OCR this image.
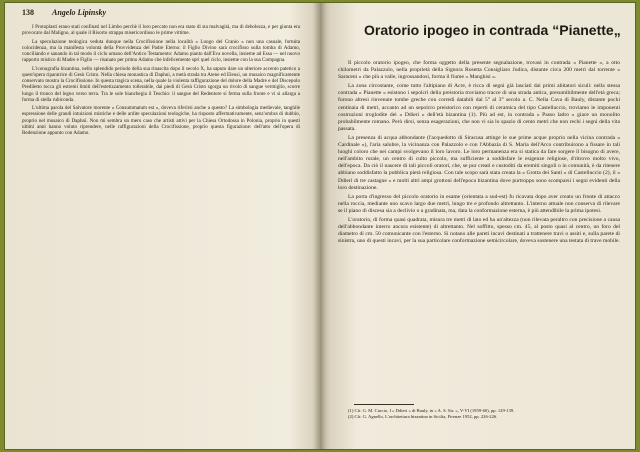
138 Angelo Lipinsky

I Protoplasti erano stati confinati nel Limbo perchè il loro peccato non era stato di sta malvagità, ma di debolezza, e per giunta era provocato dal Maligno, al quale il Risorto strappa misericordioso le prime vittime.

La speculazione teologica veduta dunque nella Crocifissione nella località « Luogo del Cranio » non una casuale, fortuita coincidenza, ma la manifesta volontà della Provvidenza del Padre Eterno: il Figlio Divino sarà crocifisso sulla tomba di Adamo, conciliando e sanando in tal modo il ciclo umano dell'Antico Testamento: Adamo pianto dall'Eva novella, insieme ad Essa — nel nuovo rapporto mistico di Madre e Figlio — risanato per primo Adamo che infelicemente sprì quel ciclo, insieme con la sua Compagna.

L'iconografia bizantina, nello splendido periodo della sua rinascita dopo il secolo X, ha saputo dare un ulteriore accento patetico a quest'opera riparatrice di Gesù Cristo. Nella chiesa monastica di Daphni, a metà strada tra Atene ed Eleusi, un musaico magnificamente conservato mostra la Crocifissione. In questa tragica scena, nella quale la violenta raffigurazione del dolore della Madre e del Discepolo Prediletto tocca gli estremi limiti dell'estetizzamento tollerabile, dai piedi di Gesù Cristo sgorga un rivolo di sangue vermiglio, scorre lungo il tronco del legno verso terra. Tra le sole bianchegia il Teschio: il sangue del Redentore si ferma sulla fronte e vi si allarga a forma di stella rubiconda.

L'ultima parola del Salvatore morente « Consummatum est », doveva riferirsi anche a questo? La simbologia medievale, tanghile espressione delle grandi intuizioni mistiche e delle ardite speculazioni teologiche, ha risposto affermativamente, senz'ombra di dubbio, proprio nel musaico di Daphni. Non mi sembra un mero caso che artisti attivi per la Chiesa Ortodossa in Polonia, proprio in questi ultimi anni hanno voluto riprendere, nelle raffigurazioni della Crocifissione, proprio questa figurazione: dell'atto dell'opera di Redenzione appunto con Adamo.

Oratorio ipogeo in contrada “Pianette„

Il piccolo oratorio ipogeo, che forma oggetto della presente segnalazione, trovasi in contrada « Pianette », a otto chilometri da Palazzolo, nella proprietà della Signora Rosetta Consigliaro Judica, distante circa 200 metri dal torrente « Saraceni » che più a valle, ingrossandosi, forma il fiume « Manghisi ».

La zona circostante, come tutto l'altipiano di Acre, è ricca di segni già lasciati dai primi abitatori siculi: nella stessa contrada « Pianette » esistono i sepolcri della preistoria troviamo tracce di una strada antica, presumibilmente dell'età greca; furono altresì rinvenute tombe greche con corredi databili dal 5° al 3° secolo a. C. Nella Cava di Bauly, distante pochi centinaia di metri, accanto ad un sepolcro preistorico con reperti di ceramica del tipo Castelluccio, troviamo le imponenti costruzioni troglodite dei « Ddieri » dell'età bizantina (1). Più ad est, in contrada « Passo ladro » giace un monolito probabilmente romano. Però dirsi, senza esagerazioni, che non vi sia lo spazio di cento metri che non rechi i segni della vita passata.

La presenza di acqua abbondante (l'acquedotto di Siracusa attinge le sue prime acque proprio nella vicina contrada « Cardinale »), l'aria salubre, la vicinanza con Palazzolo e con l'Abbazia di S. Maria dell'Arco contribuirono a fissare in tali luoghi coloro che nei campi svolgevano il loro lavoro. Le loro permanenza era si statica da fare sorgere il bisogno di avere, nell'ambito rurale, un centro di culto piccolo, ma sufficiente a soddisfare le esigenze religiose, d'ritrovo molto vivo, dell'epoca. Da ciò il nascere di tali piccoli oratori, che, se pur creati e custoditi da eremiti singoli o in comunità, è da ritenere abbiano soddisfatto la pubblica pietà religiosa. Con tale scopo sarà stata creata la « Grotta dei Santi » di Castelluccio (2), il « Ddieri di tre castagne » e molti altri ampi grottoni dell'epoca bizantina dove purtroppo sono scomparsi i segni evidenti della loro destinazione.

La porta d'ingresso del piccolo oratorio in esame (orientata a sud-est) fu ricavata dopo aver creato un fronte di attacco nella roccia, mediante uno scavo largo due metri, lungo tre e profondo altrettanto. L'interno attuale non conserva di rilevare se il piano di discesa sia a declivio o a gradinata, ma, data la conformazione esterna, è più attendibile la prima ipotesi.

L'oratorio, di forma quasi quadrata, misura tre metri di lato ed ha un'altezza (non rilevata peraltro con precisione a causa dell'abbondante interro ancora esistente) di altrettanto. Nel soffitto, spesso cm. 45, al posto quasi al centro, un foro del diametro di cm. 50 comunicante con l'esterno. Si notano alle pareti incavi destinati a trattenere travi o assiti e, sulla parete di sinistra, uno di questi incavi, per la sua particolare conformazione semicircolare, doveva sostenere una testata di trave mobile.

(1) Cfr. G. M. Curcio, I « Ddieri » di Bauly, in « A. S. Sir. », V-VI (1959-60), pp. 129-139.

(2) Cfr. G. Agnello, L'architettura bizantina in Sicilia, Firenze 1952, pp. 226-226.
